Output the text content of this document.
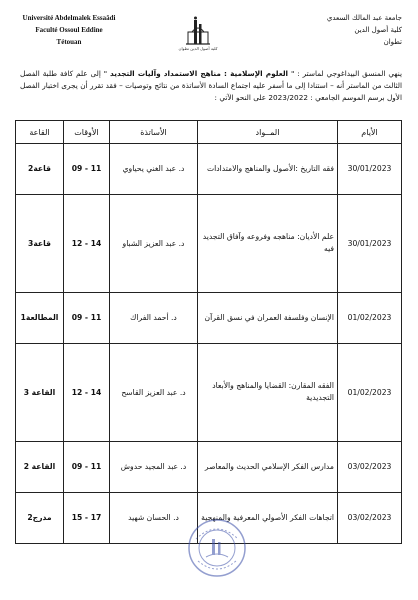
Université Abdelmalek Essaâdi
Faculté Ossoul Eddine
Tétouan
كلية أصول الدين تطوان
جامعة عبد المالك السعدي
كلية أصول الدين
تطوان
ينهي المنسق البيداغوجي لماستر : " العلوم الإسلامية : مناهج الاستمداد وآليات التجديد " إلى علم كافة طلبة الفصل الثالث من الماستر أنه – استنادا إلى ما أسفر عليه اجتماع السادة الأساتذة من نتائج وتوصيات – فقد تقرر أن يجرى اختبار الفصل الأول برسم الموسم الجامعي : 2023/2022 على النحو الآتي :
الأيام	المــواد	الأساتذة	الأوقات	القاعة
30/01/2023	فقه التاريخ :الأصول والمناهج والامتدادات	د. عبد الغني يحياوي	09 - 11	قاعة2
30/01/2023	علم الأديان: مناهجه وفروعه وآفاق التجديد فيه	د. عبد العزيز الشباو	12 - 14	قاعة3
01/02/2023	الإنسان وفلسفة العمران في نسق القرآن	د. أحمد الفراك	09 - 11	المطالعة1
01/02/2023	الفقه المقارن: القضايا والمناهج والأبعاد التجديدية	د. عبد العزيز القاسح	12 - 14	القاعة 3
03/02/2023	مدارس الفكر الإسلامي الحديث والمعاصر	د. عبد المجيد حدوش	09 - 11	القاعة 2
03/02/2023	اتجاهات الفكر الأصولي المعرفية والمنهجية	د. الحسان شهيد	15 - 17	مدرج2
